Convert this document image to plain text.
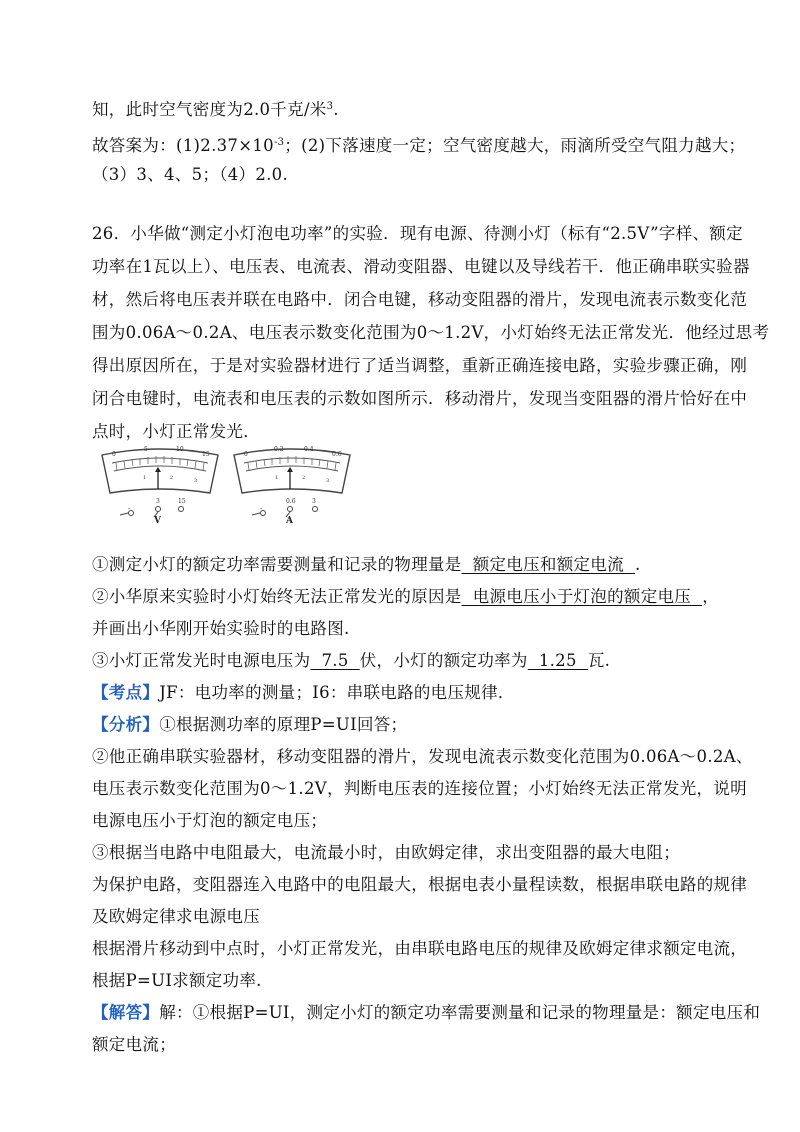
知，此时空气密度为2.0千克/米$^3$.
故答案为：$(1)2.37\times 10^{-3}$；(2)下落速度一定；空气密度越大，雨滴所受空气阻力越大；
（3）3、4、5；（4）2.0.
26．小华做“测定小灯泡电功率”的实验．现有电源、待测小灯（标有“2.5V”字样、额定
功率在1瓦以上）、电压表、电流表、滑动变阻器、电键以及导线若干．他正确串联实验器
材，然后将电压表并联在电路中．闭合电键，移动变阻器的滑片，发现电流表示数变化范
围为0.06A～0.2A、电压表示数变化范围为0～1.2V，小灯始终无法正常发光．他经过思考
得出原因所在，于是对实验器材进行了适当调整，重新正确连接电路，实验步骤正确，刚
闭合电键时，电流表和电压表的示数如图所示．移动滑片，发现当变阻器的滑片恰好在中
点时，小灯正常发光．
0
5	10
15
1	2	3
-
3	15
V
0
0.2	0.4
0.6
1	2	3
-
0.6	3
A
①测定小灯的额定功率需要测量和记录的物理量是  额定电压和额定电流  .
②小华原来实验时小灯始终无法正常发光的原因是  电源电压小于灯泡的额定电压  ，
并画出小华刚开始实验时的电路图.
③小灯正常发光时电源电压为  7.5  伏，小灯的额定功率为  1.25  瓦.
【考点】JF：电功率的测量；I6：串联电路的电压规律．
【分析】①根据测功率的原理P=UI回答；
②他正确串联实验器材，移动变阻器的滑片，发现电流表示数变化范围为0.06A～0.2A、
电压表示数变化范围为0～1.2V，判断电压表的连接位置；小灯始终无法正常发光，说明
电源电压小于灯泡的额定电压；
③根据当电路中电阻最大，电流最小时，由欧姆定律，求出变阻器的最大电阻；
为保护电路，变阻器连入电路中的电阻最大，根据电表小量程读数，根据串联电路的规律
及欧姆定律求电源电压
根据滑片移动到中点时，小灯正常发光，由串联电路电压的规律及欧姆定律求额定电流，
根据P=UI求额定功率.
【解答】解：①根据P=UI，测定小灯的额定功率需要测量和记录的物理量是：额定电压和
额定电流；
